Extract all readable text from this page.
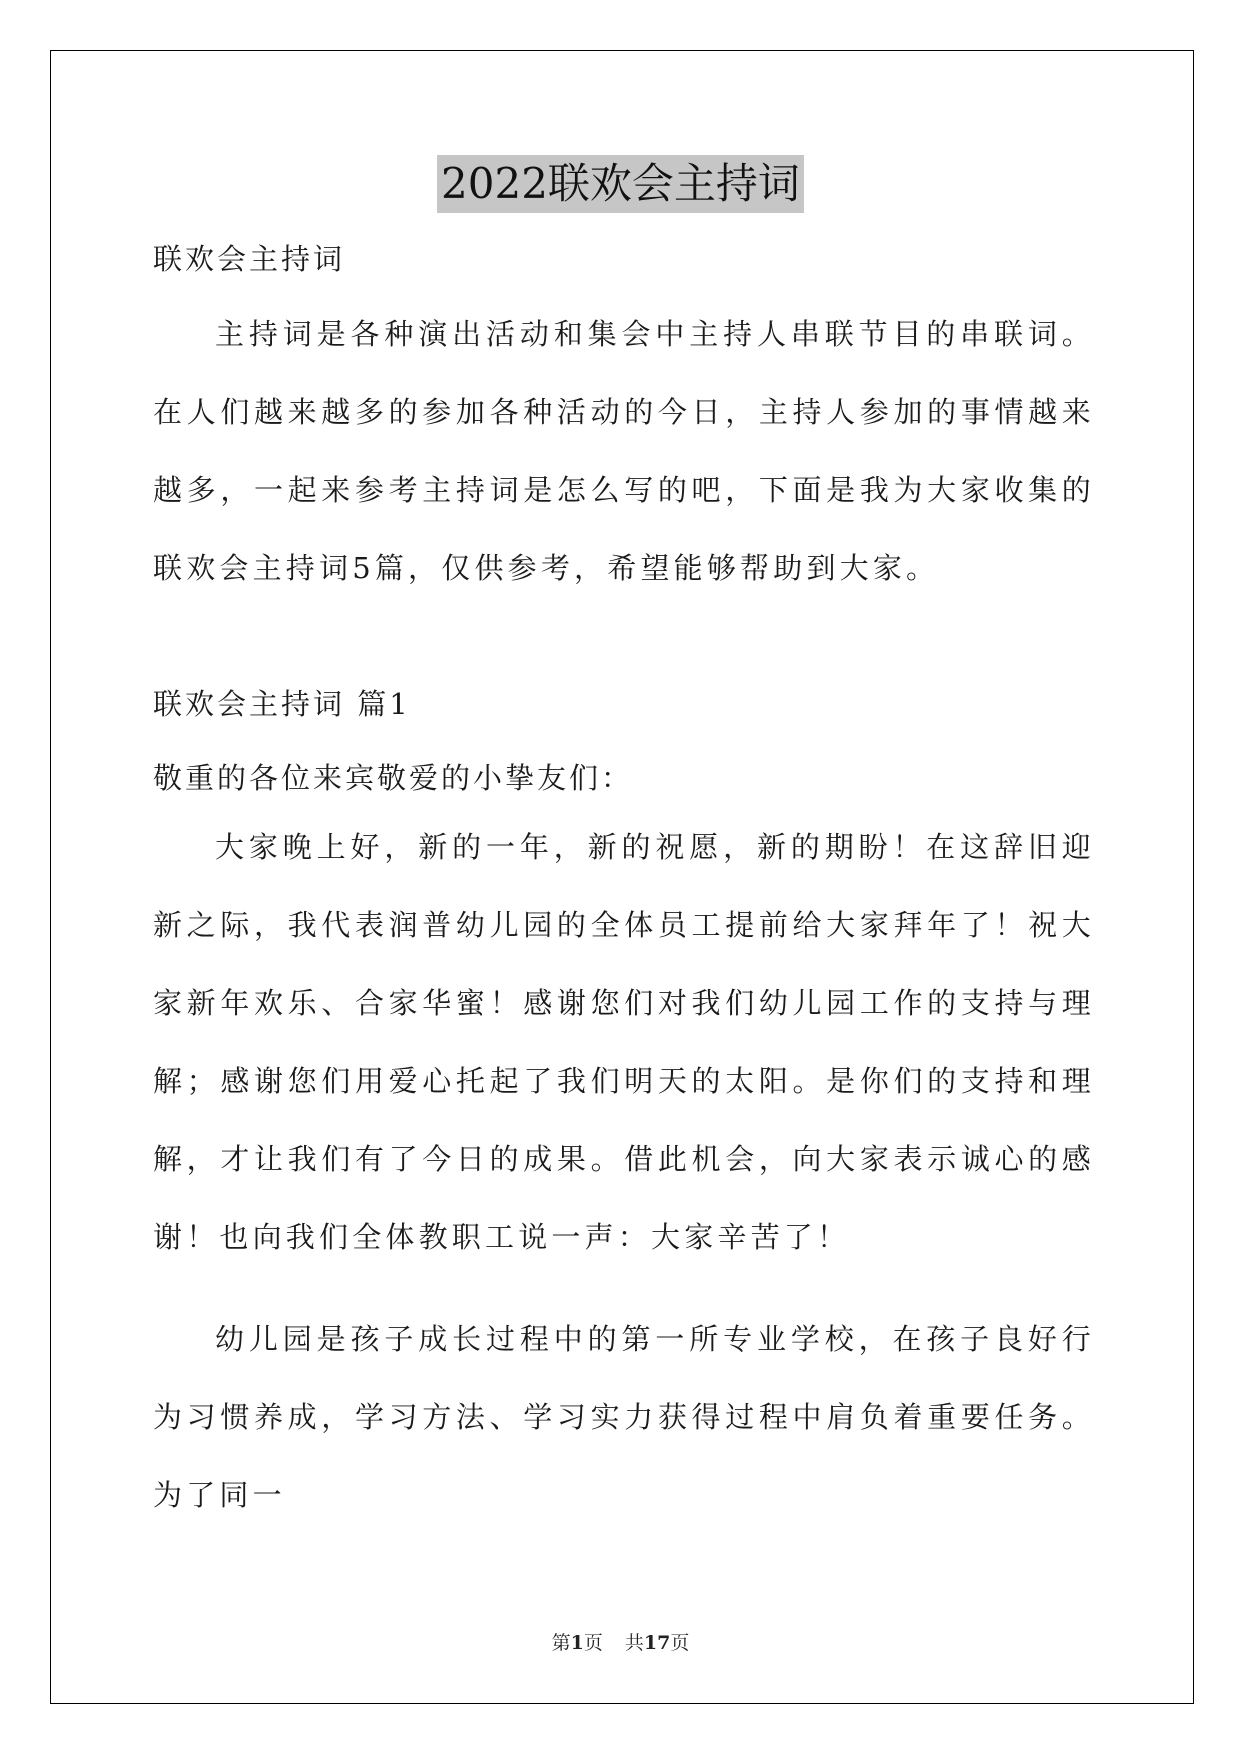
2022联欢会主持词
联欢会主持词
主持词是各种演出活动和集会中主持人串联节目的串联词。在人们越来越多的参加各种活动的今日，主持人参加的事情越来越多，一起来参考主持词是怎么写的吧，下面是我为大家收集的联欢会主持词5篇，仅供参考，希望能够帮助到大家。
联欢会主持词 篇1
敬重的各位来宾敬爱的小挚友们：
大家晚上好，新的一年，新的祝愿，新的期盼！在这辞旧迎新之际，我代表润普幼儿园的全体员工提前给大家拜年了！祝大家新年欢乐、合家华蜜！感谢您们对我们幼儿园工作的支持与理解；感谢您们用爱心托起了我们明天的太阳。是你们的支持和理解，才让我们有了今日的成果。借此机会，向大家表示诚心的感谢！也向我们全体教职工说一声：大家辛苦了！
幼儿园是孩子成长过程中的第一所专业学校，在孩子良好行为习惯养成，学习方法、学习实力获得过程中肩负着重要任务。为了同一
第1页 共17页
